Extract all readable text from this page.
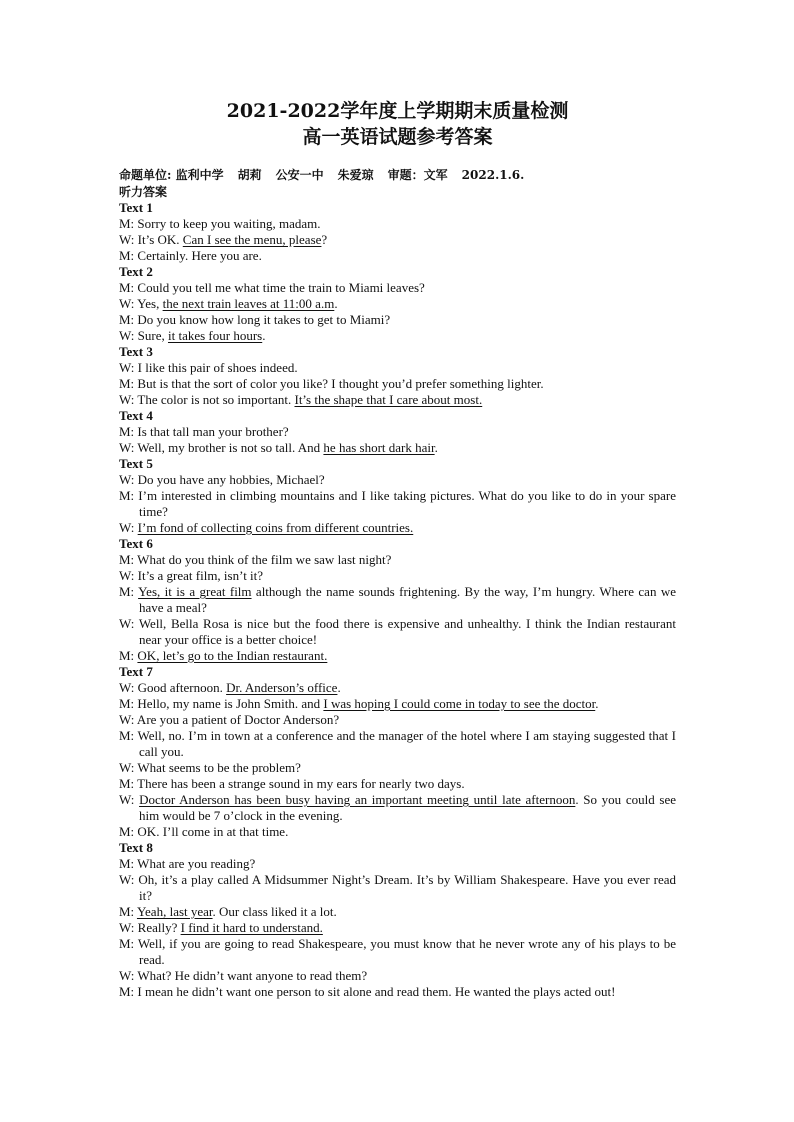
2021-2022学年度上学期期末质量检测

高一英语试题参考答案

命题单位: 监利中学 胡莉 公安一中 朱爱琼 审题：文军 2022.1.6.

听力答案

Text 1

M: Sorry to keep you waiting, madam.

W: It’s OK. Can I see the menu, please?

M: Certainly. Here you are.

Text 2

M: Could you tell me what time the train to Miami leaves?

W: Yes, the next train leaves at 11:00 a.m.

M: Do you know how long it takes to get to Miami?

W: Sure, it takes four hours.

Text 3

W: I like this pair of shoes indeed.

M: But is that the sort of color you like? I thought you’d prefer something lighter.

W: The color is not so important. It’s the shape that I care about most.

Text 4

M: Is that tall man your brother?

W: Well, my brother is not so tall. And he has short dark hair.

Text 5

W: Do you have any hobbies, Michael?

M: I’m interested in climbing mountains and I like taking pictures. What do you like to do in your spare time?

W: I’m fond of collecting coins from different countries.

Text 6

M: What do you think of the film we saw last night?

W: It’s a great film, isn’t it?

M: Yes, it is a great film although the name sounds frightening. By the way, I’m hungry. Where can we have a meal?

W: Well, Bella Rosa is nice but the food there is expensive and unhealthy. I think the Indian restaurant near your office is a better choice!

M: OK, let’s go to the Indian restaurant.

Text 7

W: Good afternoon. Dr. Anderson’s office.

M: Hello, my name is John Smith. and I was hoping I could come in today to see the doctor.

W: Are you a patient of Doctor Anderson?

M: Well, no. I’m in town at a conference and the manager of the hotel where I am staying suggested that I call you.

W: What seems to be the problem?

M: There has been a strange sound in my ears for nearly two days.

W: Doctor Anderson has been busy having an important meeting until late afternoon. So you could see him would be 7 o’clock in the evening.

M: OK. I’ll come in at that time.

Text 8

M: What are you reading?

W: Oh, it’s a play called A Midsummer Night’s Dream. It’s by William Shakespeare. Have you ever read it?

M: Yeah, last year. Our class liked it a lot.

W: Really? I find it hard to understand.

M: Well, if you are going to read Shakespeare, you must know that he never wrote any of his plays to be read.

W: What? He didn’t want anyone to read them?

M: I mean he didn’t want one person to sit alone and read them. He wanted the plays acted out!
